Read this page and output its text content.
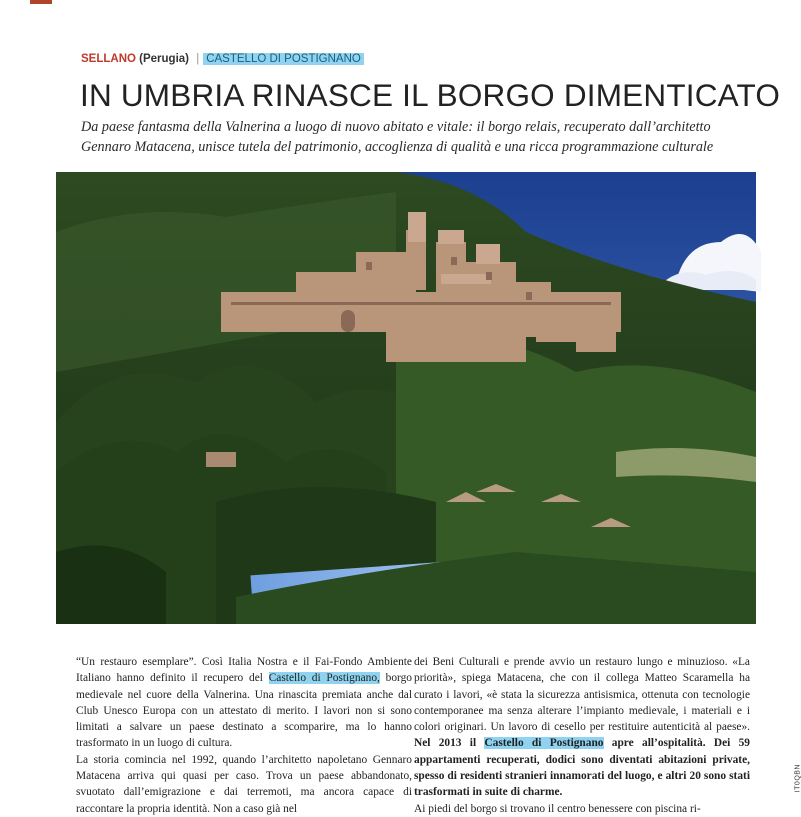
SELLANO (Perugia) | CASTELLO DI POSTIGNANO
IN UMBRIA RINASCE IL BORGO DIMENTICATO

Da paese fantasma della Valnerina a luogo di nuovo abitato e vitale: il borgo relais, recuperato dall’architetto Gennaro Matacena, unisce tutela del patrimonio, accoglienza di qualità e una ricca programmazione culturale

“Un restauro esemplare”. Così Italia Nostra e il Fai-Fondo Ambiente Italiano hanno definito il recupero del Castello di Postignano, borgo medievale nel cuore della Valnerina. Una rinascita premiata anche dal Club Unesco Europa con un attestato di merito. I lavori non si sono limitati a salvare un paese destinato a scomparire, ma lo hanno trasformato in un luogo di cultura.

La storia comincia nel 1992, quando l’architetto napoletano Gennaro Matacena arriva qui quasi per caso. Trova un paese abbandonato, svuotato dall’emigrazione e dai terremoti, ma ancora capace di raccontare la propria identità. Non a caso già nel

dei Beni Culturali e prende avvio un restauro lungo e minuzioso. «La priorità», spiega Matacena, che con il collega Matteo Scaramella ha curato i lavori, «è stata la sicurezza antisismica, ottenuta con tecnologie contemporanee ma senza alterare l’impianto medievale, i materiali e i colori originari. Un lavoro di cesello per restituire autenticità al paese». Nel 2013 il Castello di Postignano apre all’ospitalità. Dei 59 appartamenti recuperati, dodici sono diventati abitazioni private, spesso di residenti stranieri innamorati del luogo, e altri 20 sono stati trasformati in suite di charme.

Ai piedi del borgo si trovano il centro benessere con piscina ri-

IT0QBN
